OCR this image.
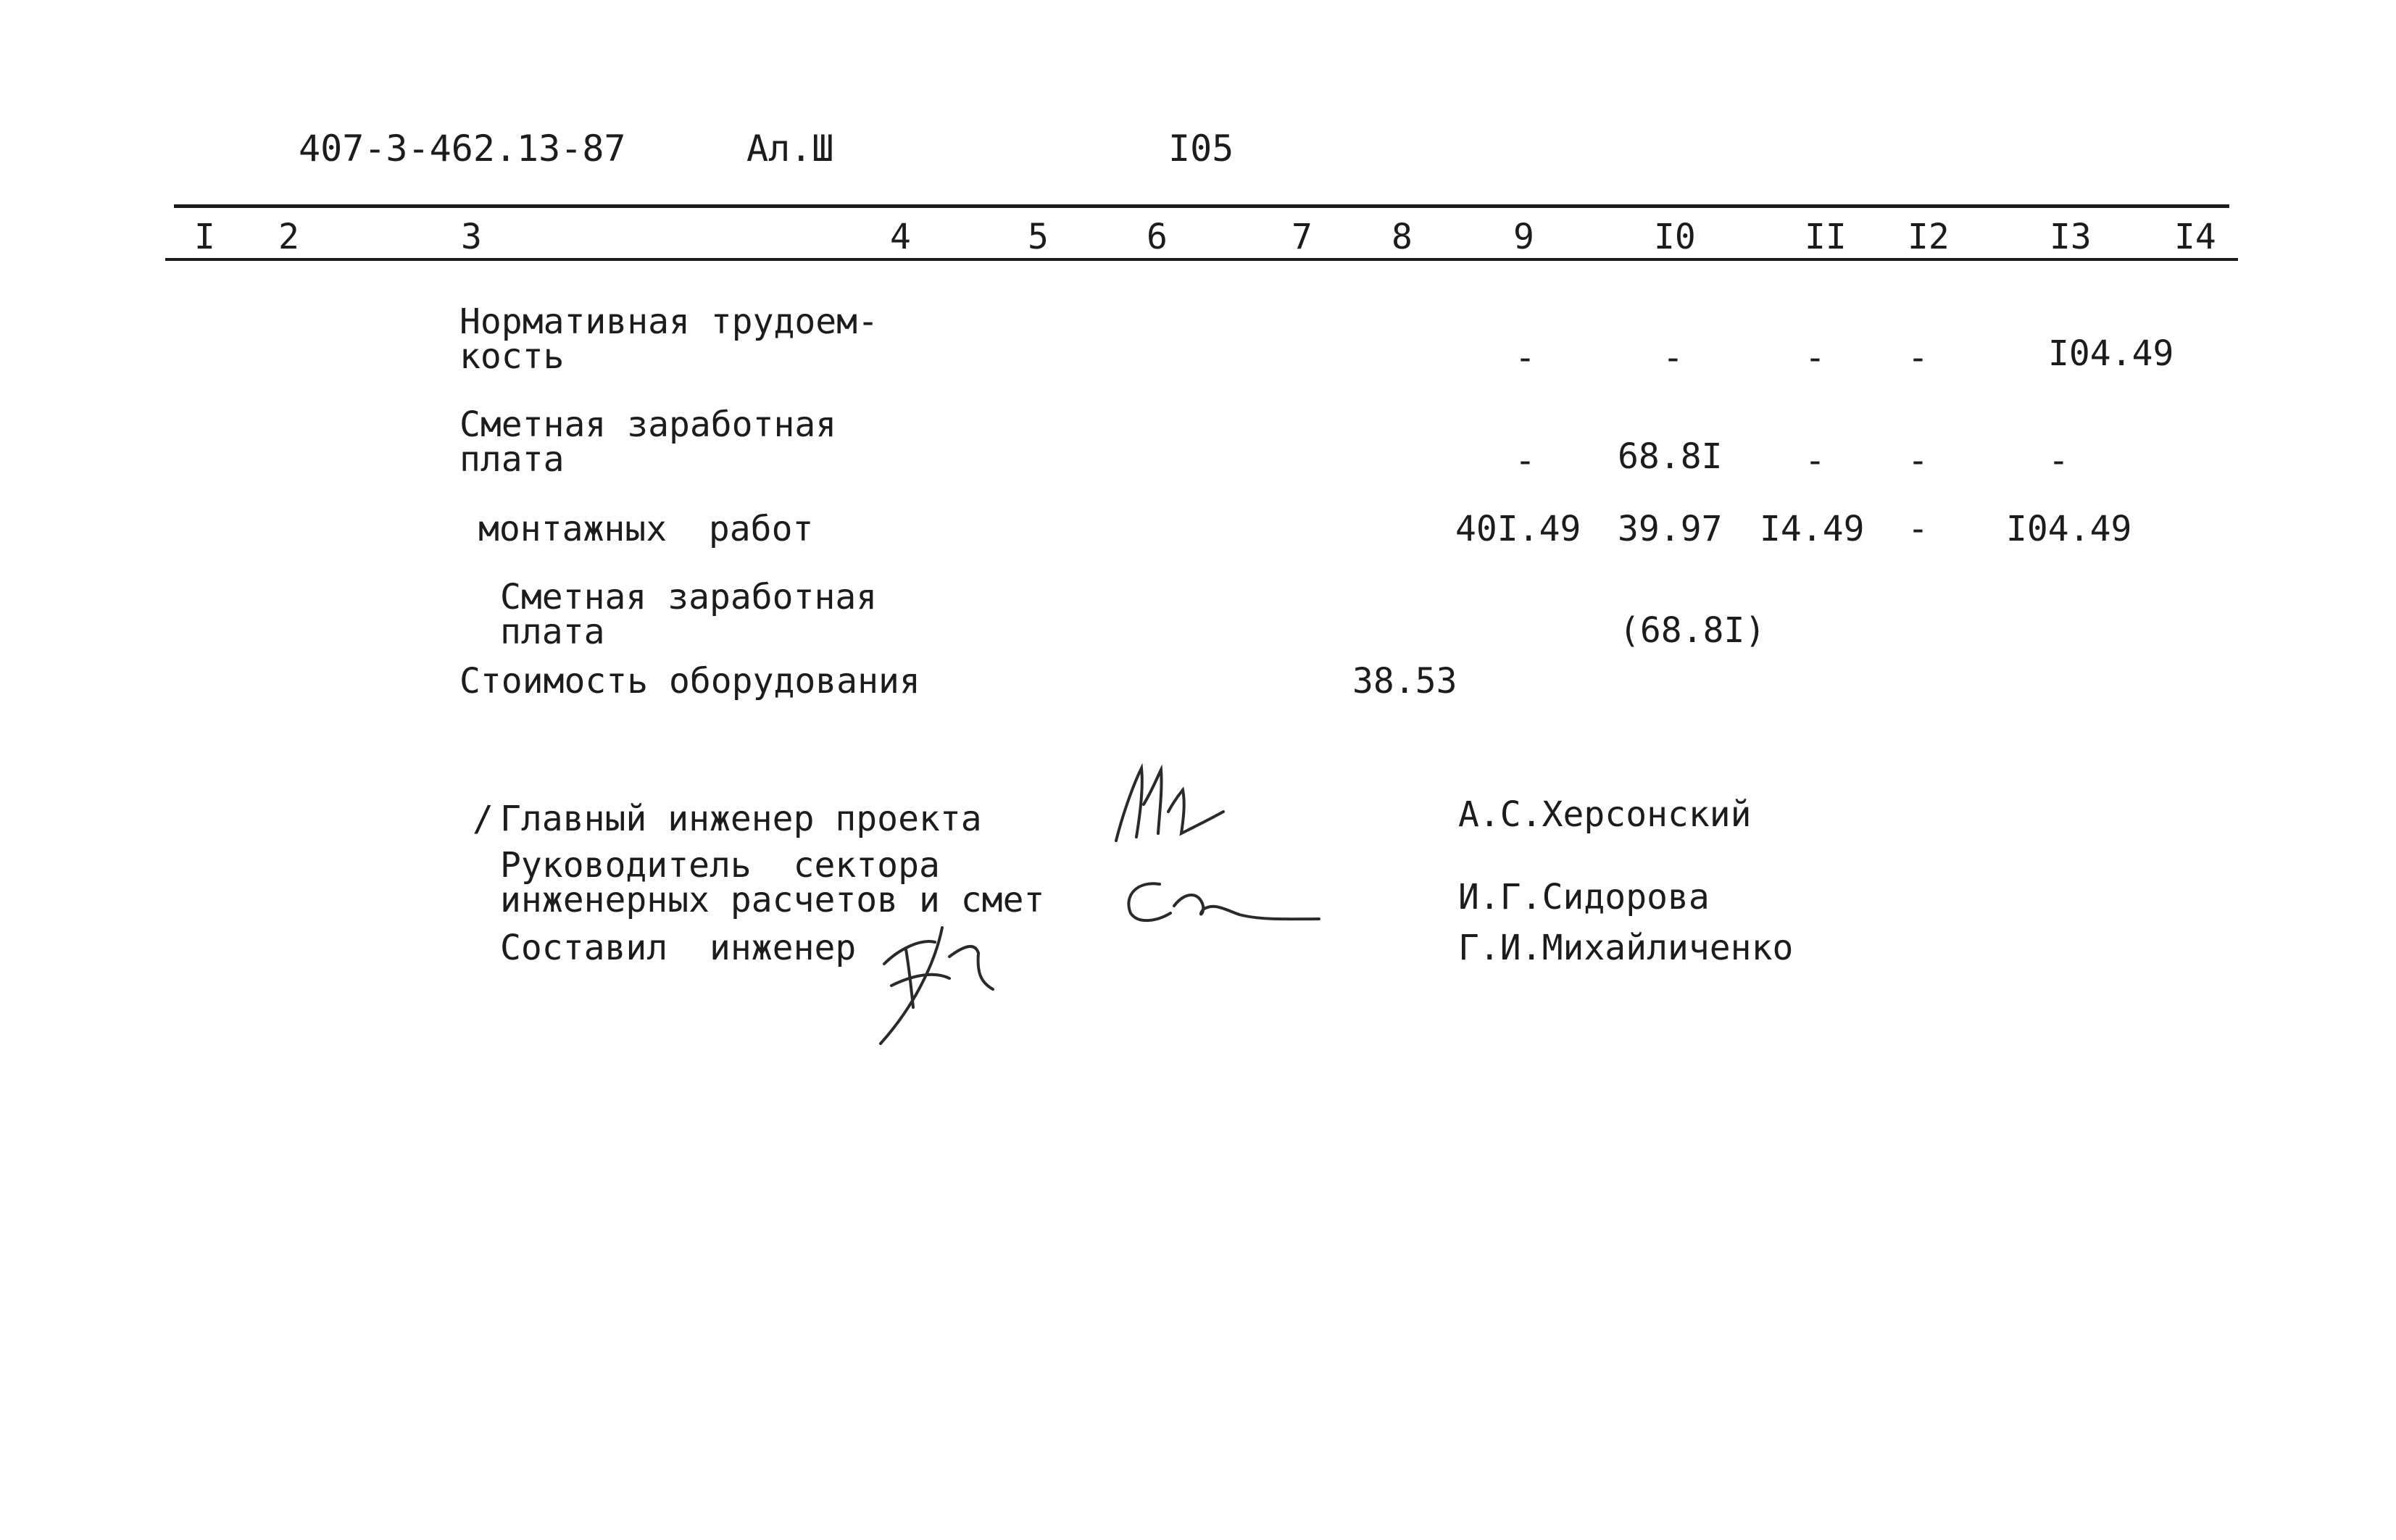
407-3-462.13-87	Ал.Ш	I05
I 2	3	4	5	6	7 8	9	I0	II I2	I3 I4
Нормативная трудоем-
кость	-	-	- -	I04.49
Сметная заработная
плата	- 68.8I - -	-
монтажных  работ	40I.49 39.97 I4.49 - I04.49
Сметная заработная
плата	(68.8I)
Стоимость оборудования	38.53
/ Главный инженер проекта	А.С.Херсонский
Руководитель  сектора
инженерных расчетов и смет	И.Г.Сидорова
Составил  инженер	Г.И.Михайличенко
